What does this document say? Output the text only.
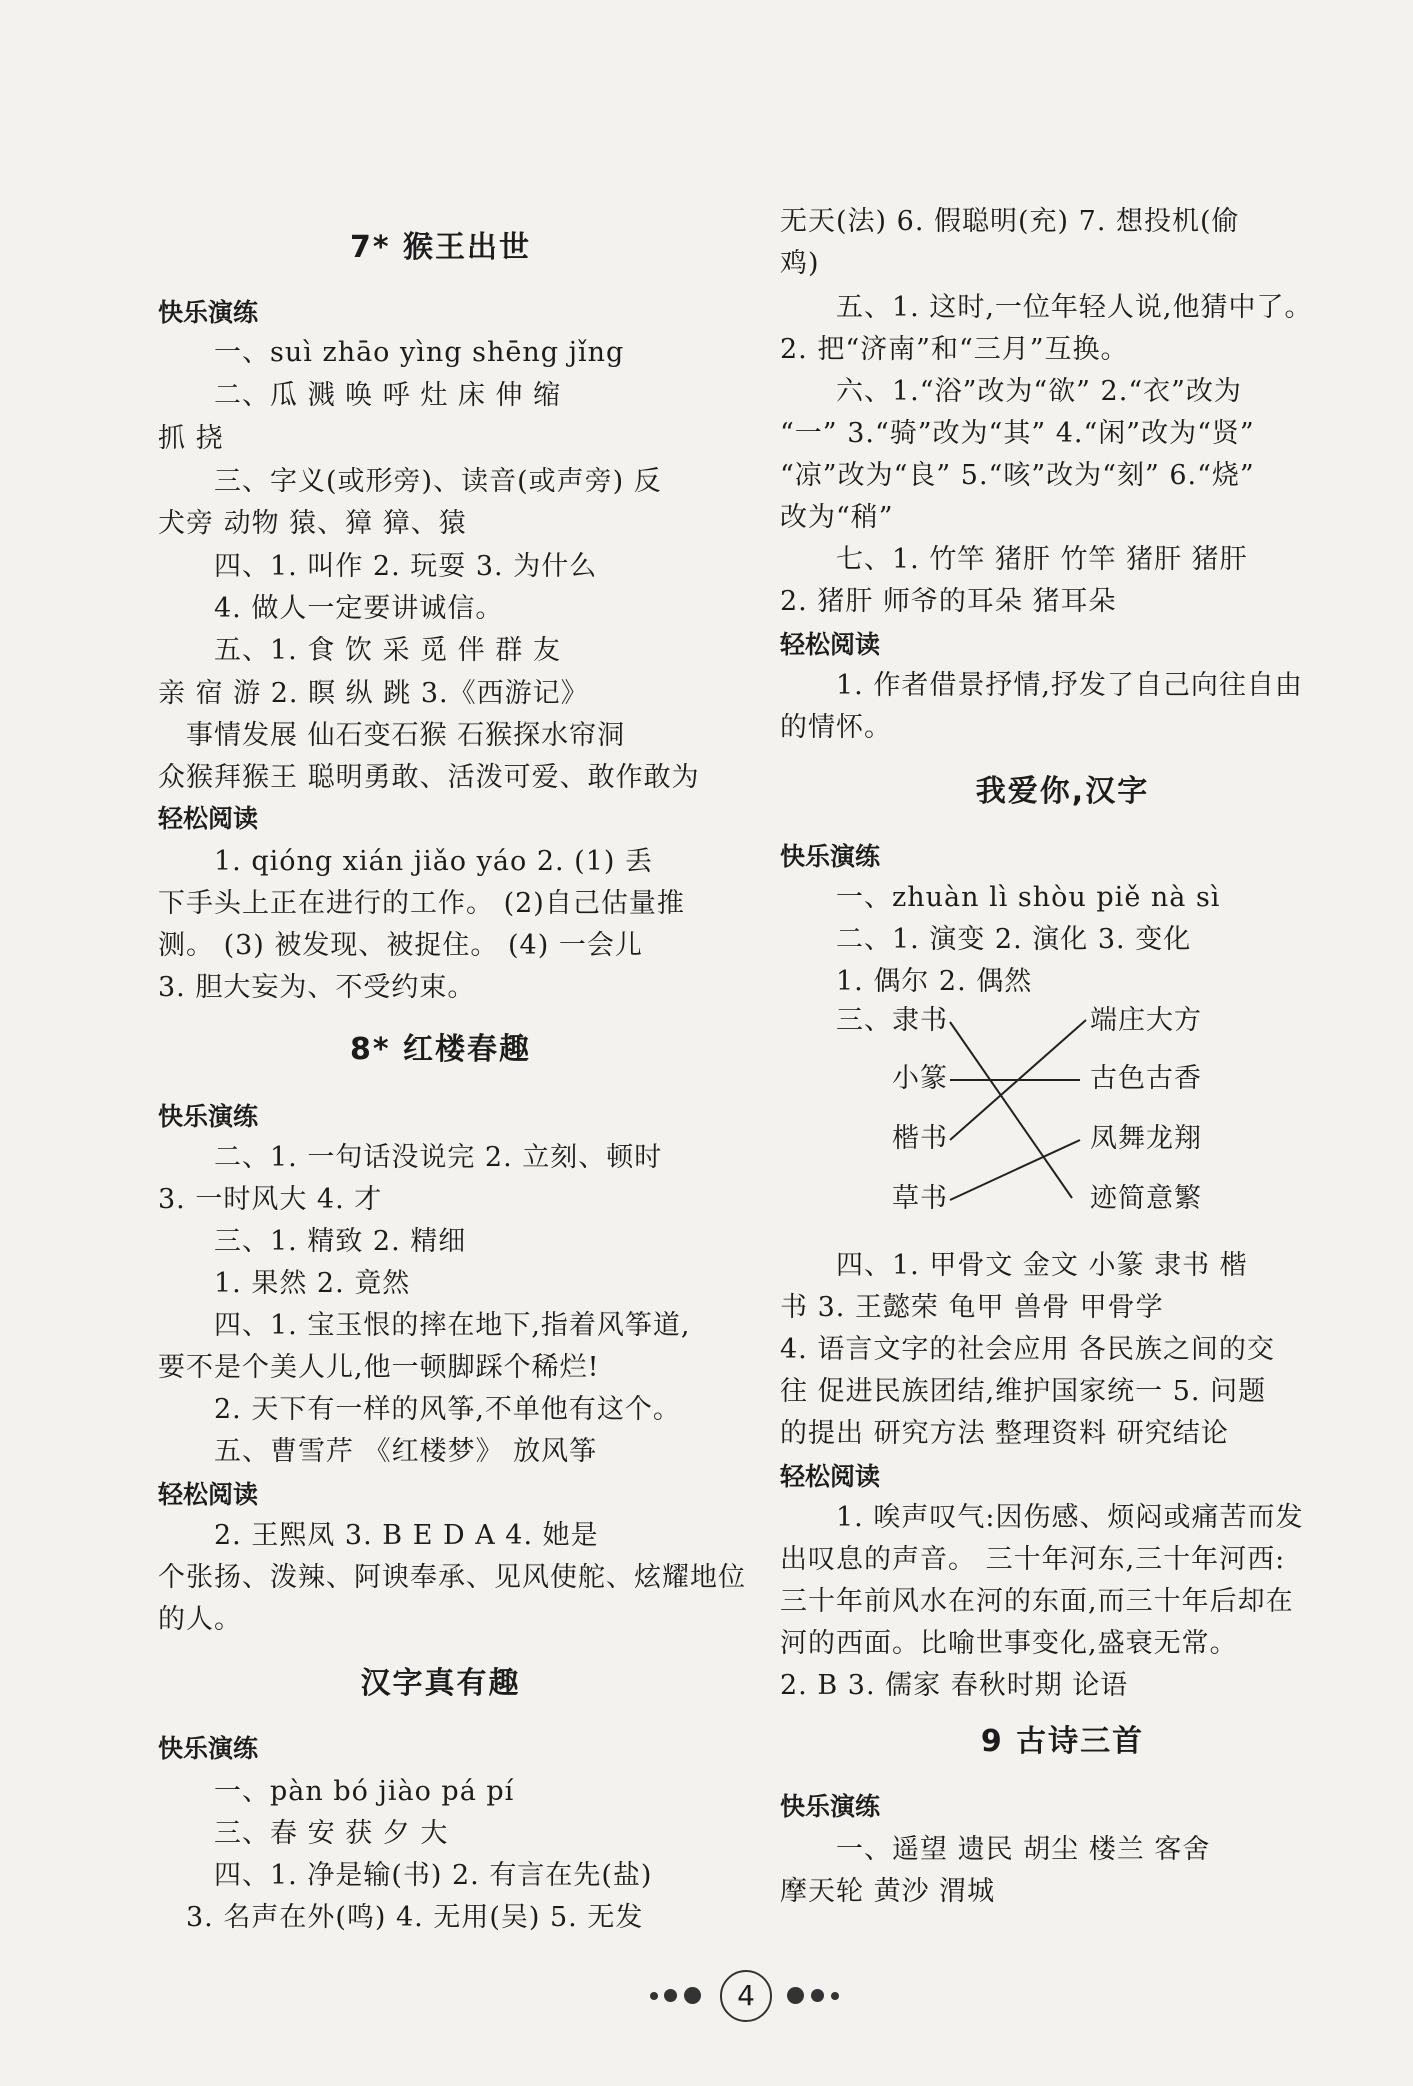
7* 猴王出世
快乐演练
一、suì zhāo yìng shēng jǐng
二、瓜 溅 唤 呼 灶 床 伸 缩
抓 挠
三、字义(或形旁)、读音(或声旁) 反
犬旁 动物 猿、獐 獐、猿
四、1. 叫作 2. 玩耍 3. 为什么
4. 做人一定要讲诚信。
五、1. 食 饮 采 觅 伴 群 友
亲 宿 游 2. 瞑 纵 跳 3.《西游记》
事情发展 仙石变石猴 石猴探水帘洞
众猴拜猴王 聪明勇敢、活泼可爱、敢作敢为
轻松阅读
1. qióng xián jiǎo yáo 2. (1) 丢
下手头上正在进行的工作。 (2)自己估量推
测。 (3) 被发现、被捉住。 (4) 一会儿
3. 胆大妄为、不受约束。
8* 红楼春趣
快乐演练
二、1. 一句话没说完 2. 立刻、顿时
3. 一时风大 4. 才
三、1. 精致 2. 精细
1. 果然 2. 竟然
四、1. 宝玉恨的摔在地下,指着风筝道,
要不是个美人儿,他一顿脚踩个稀烂!
2. 天下有一样的风筝,不单他有这个。
五、曹雪芹 《红楼梦》 放风筝
轻松阅读
2. 王熙凤 3. B E D A 4. 她是
个张扬、泼辣、阿谀奉承、见风使舵、炫耀地位
的人。
汉字真有趣
快乐演练
一、pàn bó jiào pá pí
三、春 安 获 夕 大
四、1. 净是输(书) 2. 有言在先(盐)
3. 名声在外(鸣) 4. 无用(吴) 5. 无发
无天(法) 6. 假聪明(充) 7. 想投机(偷
鸡)
五、1. 这时,一位年轻人说,他猜中了。
2. 把“济南”和“三月”互换。
六、1.“浴”改为“欲” 2.“衣”改为
“一” 3.“骑”改为“其” 4.“闲”改为“贤”
“凉”改为“良” 5.“咳”改为“刻” 6.“烧”
改为“稍”
七、1. 竹竿 猪肝 竹竿 猪肝 猪肝
2. 猪肝 师爷的耳朵 猪耳朵
轻松阅读
1. 作者借景抒情,抒发了自己向往自由
的情怀。
我爱你,汉字
快乐演练
一、zhuàn lì shòu piě nà sì
二、1. 演变 2. 演化 3. 变化
1. 偶尔 2. 偶然
三、隶书
小篆
楷书
草书
端庄大方
古色古香
凤舞龙翔
迹简意繁
四、1. 甲骨文 金文 小篆 隶书 楷
书 3. 王懿荣 龟甲 兽骨 甲骨学
4. 语言文字的社会应用 各民族之间的交
往 促进民族团结,维护国家统一 5. 问题
的提出 研究方法 整理资料 研究结论
轻松阅读
1. 唉声叹气:因伤感、烦闷或痛苦而发
出叹息的声音。 三十年河东,三十年河西:
三十年前风水在河的东面,而三十年后却在
河的西面。比喻世事变化,盛衰无常。
2. B 3. 儒家 春秋时期 论语
9 古诗三首
快乐演练
一、遥望 遗民 胡尘 楼兰 客舍
摩天轮 黄沙 渭城
4
